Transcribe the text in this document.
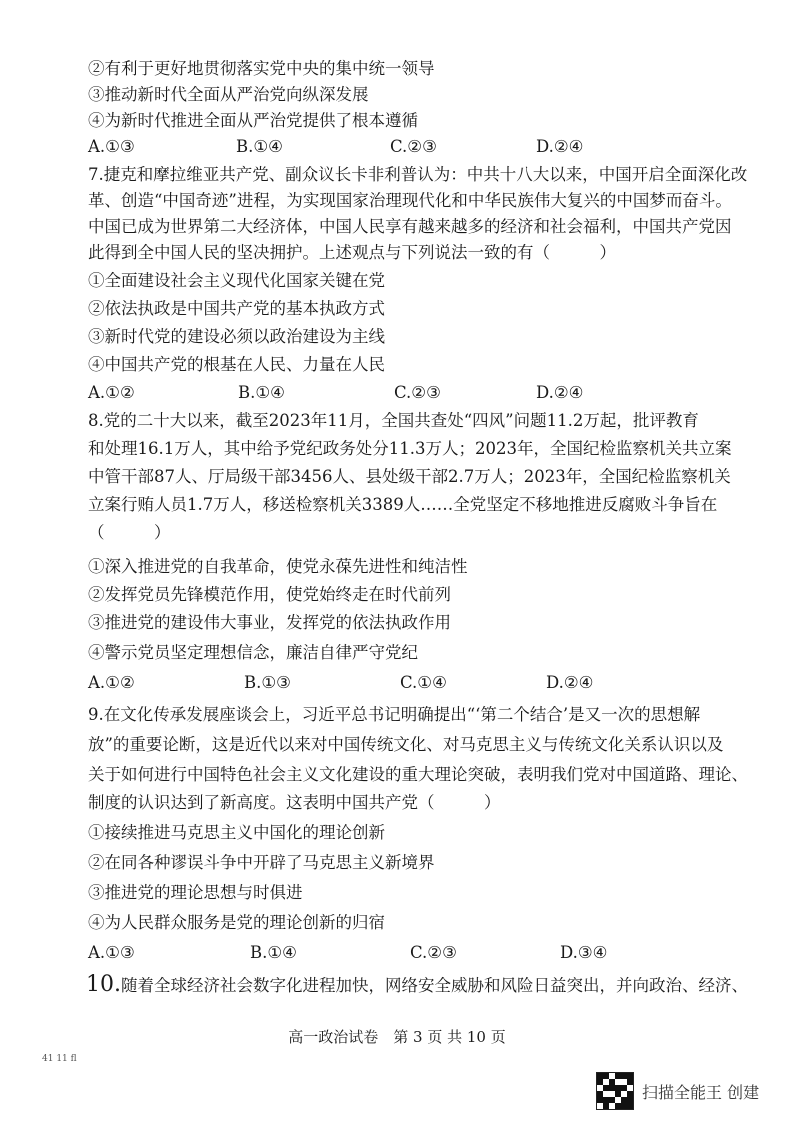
②有利于更好地贯彻落实党中央的集中统一领导
③推动新时代全面从严治党向纵深发展
④为新时代推进全面从严治党提供了根本遵循
A.①③	B.①④	C.②③	D.②④
7.捷克和摩拉维亚共产党、副众议长卡非利普认为：中共十八大以来，中国开启全面深化改
革、创造“中国奇迹”进程，为实现国家治理现代化和中华民族伟大复兴的中国梦而奋斗。
中国已成为世界第二大经济体，中国人民享有越来越多的经济和社会福利，中国共产党因
此得到全中国人民的坚决拥护。上述观点与下列说法一致的有（　　　）
①全面建设社会主义现代化国家关键在党
②依法执政是中国共产党的基本执政方式
③新时代党的建设必须以政治建设为主线
④中国共产党的根基在人民、力量在人民
A.①②	B.①④	C.②③	D.②④
8.党的二十大以来，截至2023年11月，全国共查处“四风”问题11.2万起，批评教育
和处理16.1万人，其中给予党纪政务处分11.3万人；2023年，全国纪检监察机关共立案
中管干部87人、厅局级干部3456人、县处级干部2.7万人；2023年，全国纪检监察机关
立案行贿人员1.7万人，移送检察机关3389人……全党坚定不移地推进反腐败斗争旨在
（　　　）
①深入推进党的自我革命，使党永葆先进性和纯洁性
②发挥党员先锋模范作用，使党始终走在时代前列
③推进党的建设伟大事业，发挥党的依法执政作用
④警示党员坚定理想信念，廉洁自律严守党纪
A.①②	B.①③	C.①④	D.②④
9.在文化传承发展座谈会上，习近平总书记明确提出“‘第二个结合’是又一次的思想解
放”的重要论断，这是近代以来对中国传统文化、对马克思主义与传统文化关系认识以及
关于如何进行中国特色社会主义文化建设的重大理论突破，表明我们党对中国道路、理论、
制度的认识达到了新高度。这表明中国共产党（　　　）
①接续推进马克思主义中国化的理论创新
②在同各种谬误斗争中开辟了马克思主义新境界
③推进党的理论思想与时俱进
④为人民群众服务是党的理论创新的归宿
A.①③	B.①④	C.②③	D.③④
10.随着全球经济社会数字化进程加快，网络安全威胁和风险日益突出，并向政治、经济、
高一政治试卷　第 3 页 共 10 页
41 11 fl
扫描全能王 创建
